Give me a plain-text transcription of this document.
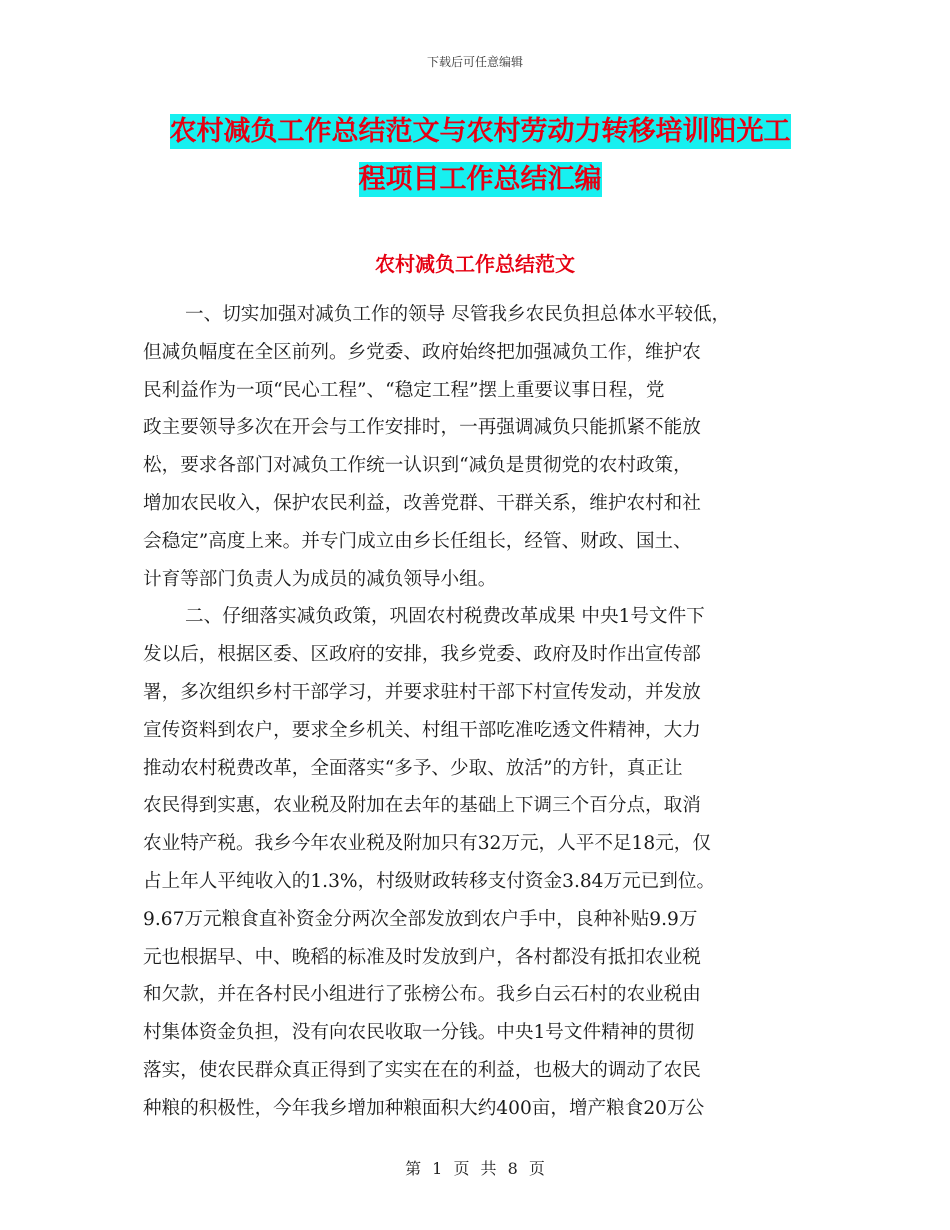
下载后可任意编辑
农村减负工作总结范文与农村劳动力转移培训阳光工
程项目工作总结汇编
农村减负工作总结范文
一、切实加强对减负工作的领导 尽管我乡农民负担总体水平较低，
但减负幅度在全区前列。乡党委、政府始终把加强减负工作，维护农
民利益作为一项“民心工程”、“稳定工程”摆上重要议事日程，党
政主要领导多次在开会与工作安排时，一再强调减负只能抓紧不能放
松，要求各部门对减负工作统一认识到“减负是贯彻党的农村政策，
增加农民收入，保护农民利益，改善党群、干群关系，维护农村和社
会稳定”高度上来。并专门成立由乡长任组长，经管、财政、国土、
计育等部门负责人为成员的减负领导小组。
二、仔细落实减负政策，巩固农村税费改革成果 中央1号文件下
发以后，根据区委、区政府的安排，我乡党委、政府及时作出宣传部
署，多次组织乡村干部学习，并要求驻村干部下村宣传发动，并发放
宣传资料到农户，要求全乡机关、村组干部吃准吃透文件精神，大力
推动农村税费改革，全面落实“多予、少取、放活”的方针，真正让
农民得到实惠，农业税及附加在去年的基础上下调三个百分点，取消
农业特产税。我乡今年农业税及附加只有32万元，人平不足18元，仅
占上年人平纯收入的1.3%，村级财政转移支付资金3.84万元已到位。
9.67万元粮食直补资金分两次全部发放到农户手中，良种补贴9.9万
元也根据早、中、晚稻的标准及时发放到户，各村都没有抵扣农业税
和欠款，并在各村民小组进行了张榜公布。我乡白云石村的农业税由
村集体资金负担，没有向农民收取一分钱。中央1号文件精神的贯彻
落实，使农民群众真正得到了实实在在的利益，也极大的调动了农民
种粮的积极性，今年我乡增加种粮面积大约400亩，增产粮食20万公
第 1 页 共 8 页
